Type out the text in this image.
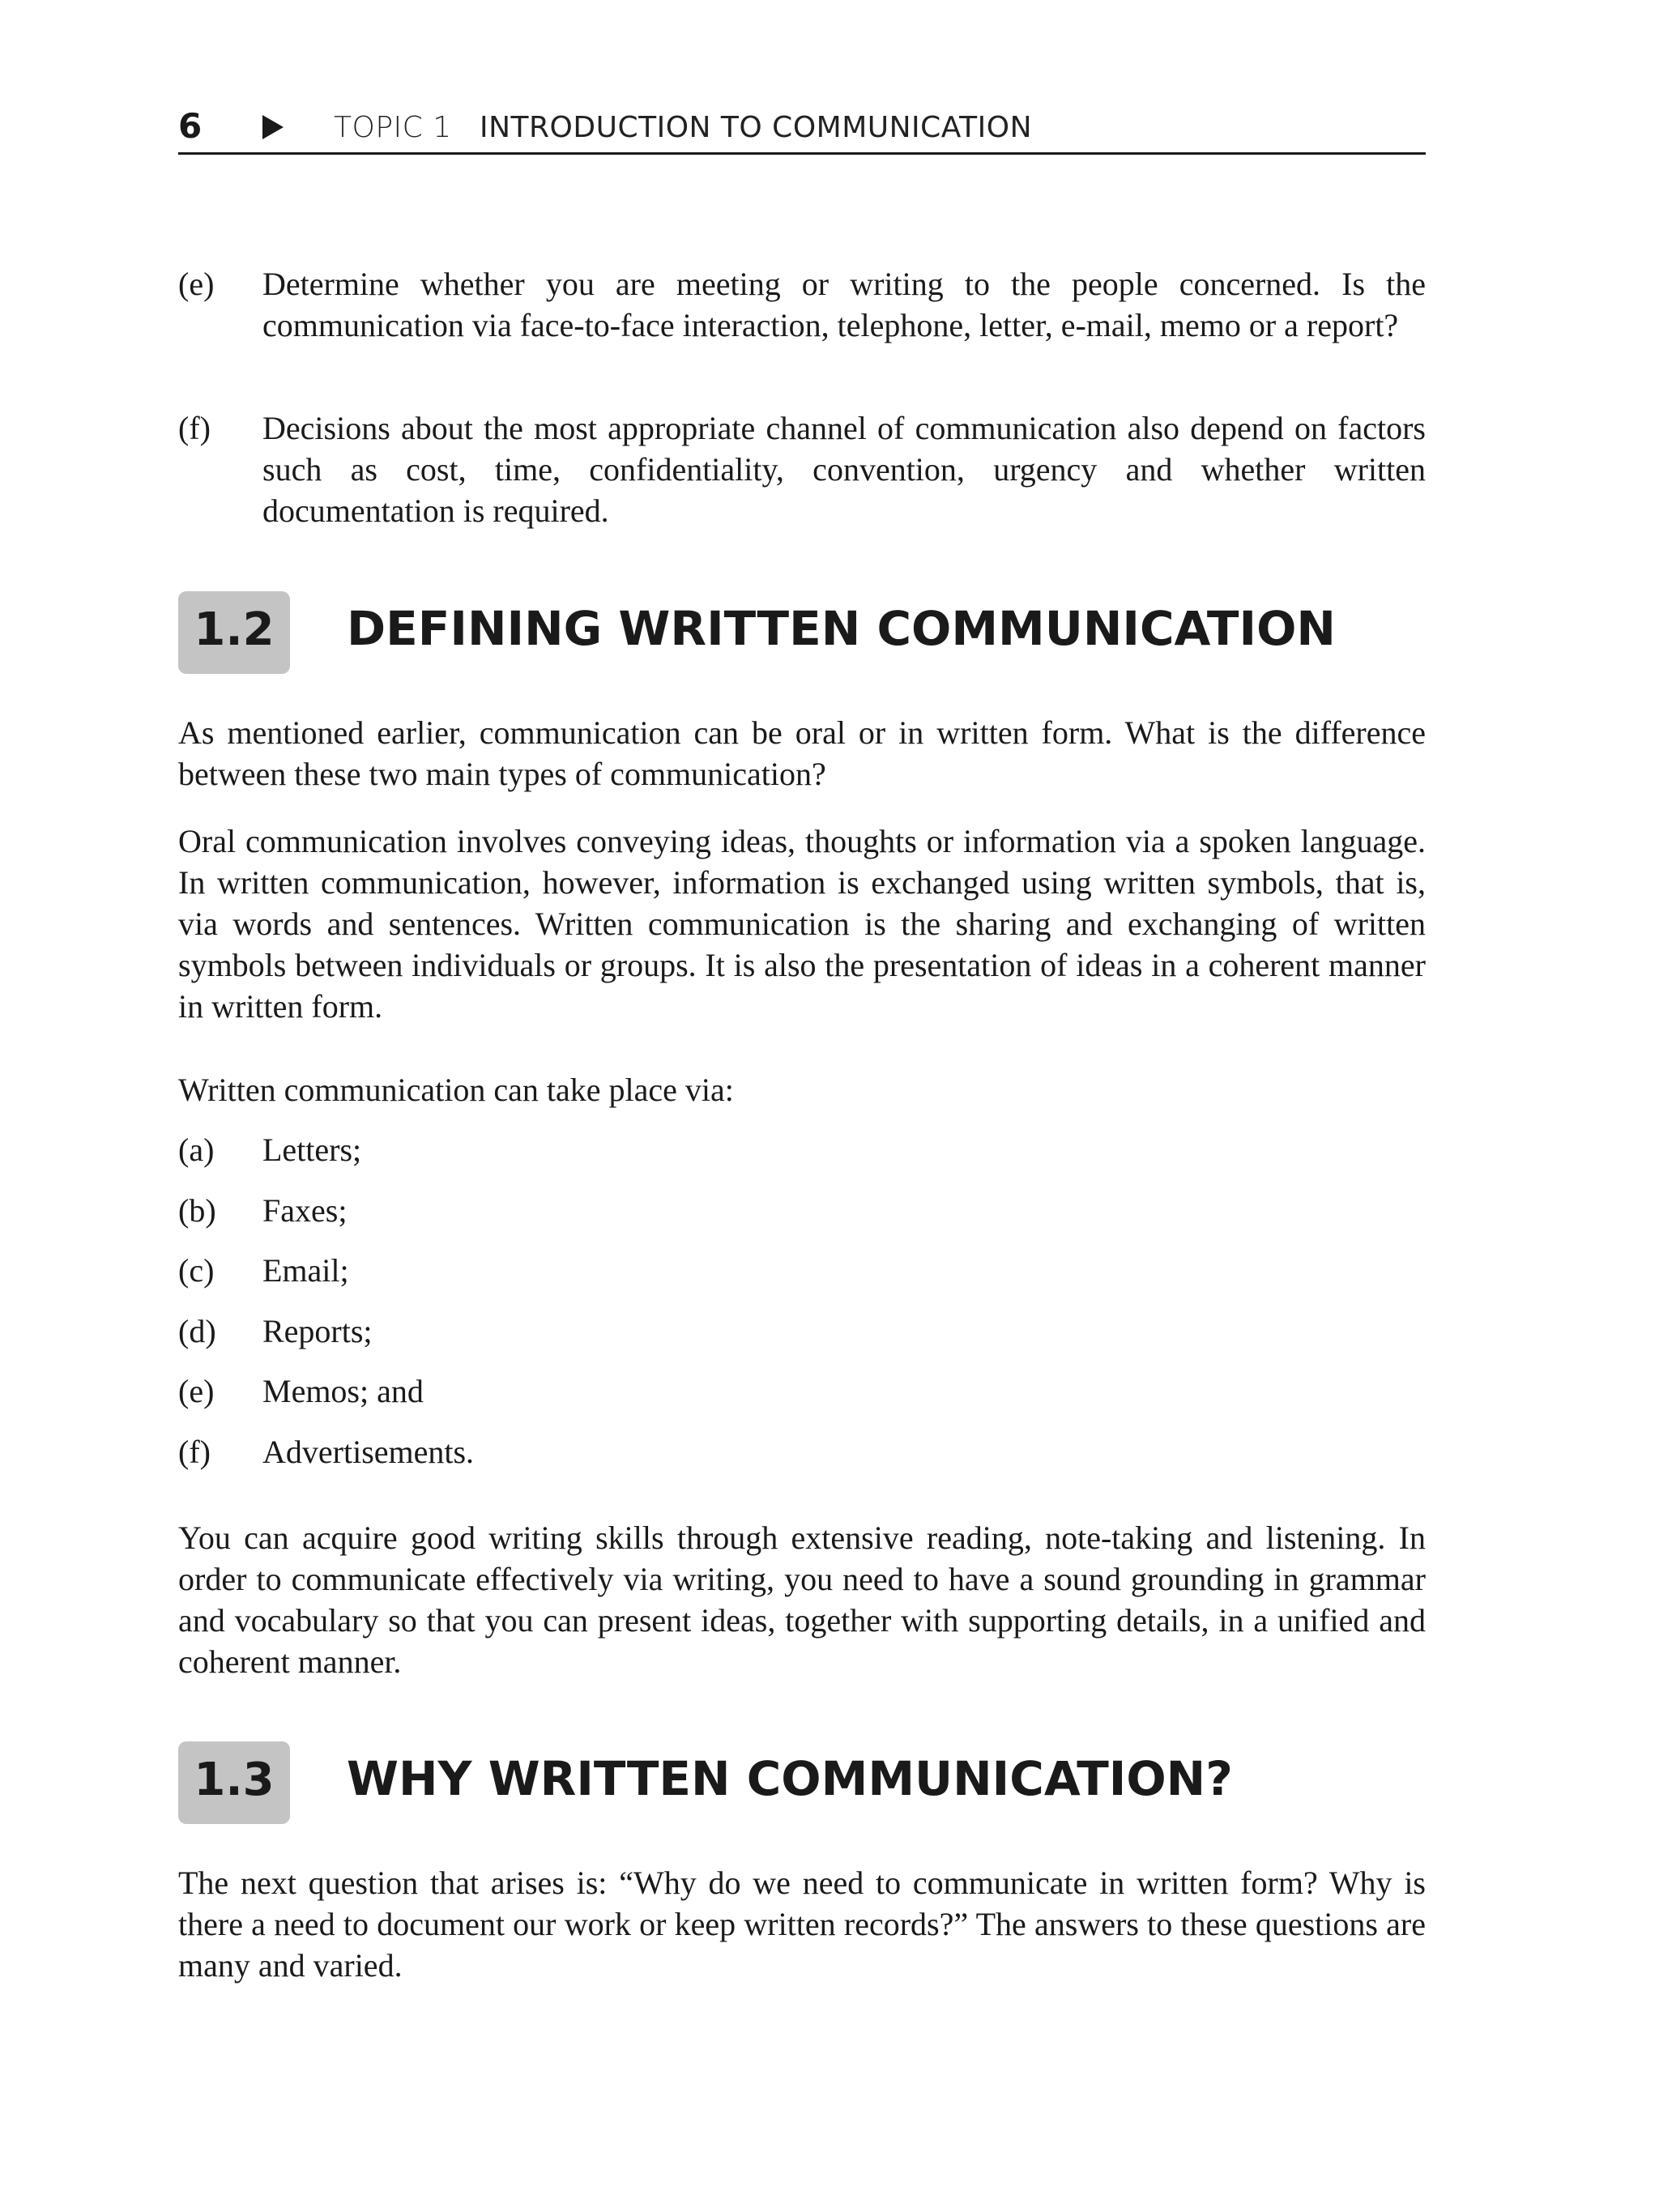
6	TOPIC 1 INTRODUCTION TO COMMUNICATION
(e)	Determine whether you are meeting or writing to the people concerned. Is the communication via face-to-face interaction, telephone, letter, e-mail, memo or a report?
(f)	Decisions about the most appropriate channel of communication also depend on factors such as cost, time, confidentiality, convention, urgency and whether written documentation is required.
1.2	DEFINING WRITTEN COMMUNICATION

As mentioned earlier, communication can be oral or in written form. What is the difference between these two main types of communication?

Oral communication involves conveying ideas, thoughts or information via a spoken language. In written communication, however, information is exchanged using written symbols, that is, via words and sentences. Written communication is the sharing and exchanging of written symbols between individuals or groups. It is also the presentation of ideas in a coherent manner in written form.

Written communication can take place via:

(a)	Letters;
(b)	Faxes;
(c)	Email;
(d)	Reports;
(e)	Memos; and
(f)	Advertisements.

You can acquire good writing skills through extensive reading, note-taking and listening. In order to communicate effectively via writing, you need to have a sound grounding in grammar and vocabulary so that you can present ideas, together with supporting details, in a unified and coherent manner.

1.3	WHY WRITTEN COMMUNICATION?

The next question that arises is: “Why do we need to communicate in written form? Why is there a need to document our work or keep written records?” The answers to these questions are many and varied.
